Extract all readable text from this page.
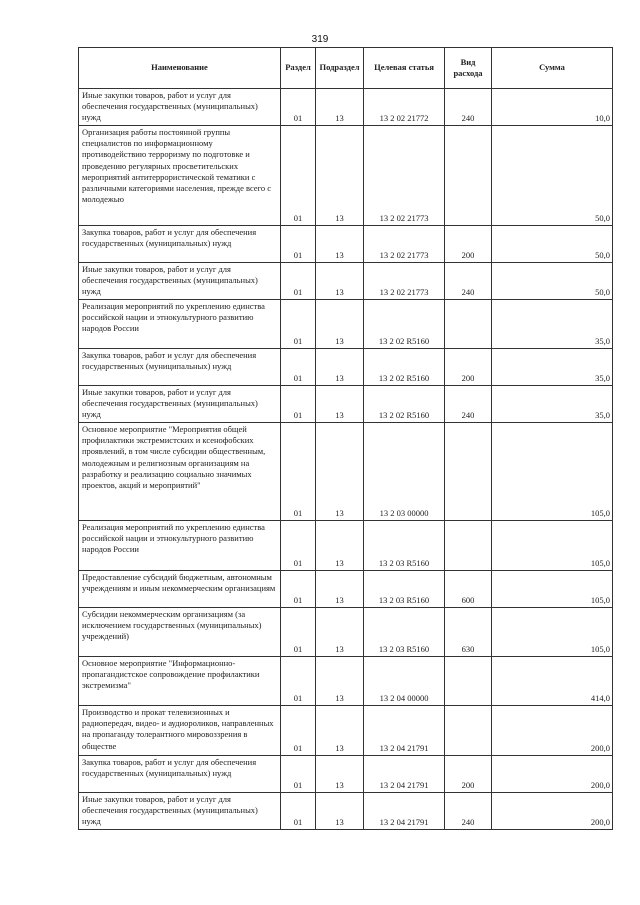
319
Наименование	Раздел	Подраздел	Целевая статья	Вид расхода	Сумма
Иные закупки товаров, работ и услуг для обеспечения государственных (муниципальных) нужд	01	13	13 2 02 21772	240	10,0
Организация работы постоянной группы специалистов по информационному противодействию терроризму по подготовке и проведению регулярных просветительских мероприятий антитеррористической тематики с различными категориями населения, прежде всего с молодежью	01	13	13 2 02 21773		50,0
Закупка товаров, работ и услуг для обеспечения государственных (муниципальных) нужд	01	13	13 2 02 21773	200	50,0
Иные закупки товаров, работ и услуг для обеспечения государственных (муниципальных) нужд	01	13	13 2 02 21773	240	50,0
Реализация мероприятий по укреплению единства российской нации и этнокультурного развитию народов России	01	13	13 2 02 R5160		35,0
Закупка товаров, работ и услуг для обеспечения государственных (муниципальных) нужд	01	13	13 2 02 R5160	200	35,0
Иные закупки товаров, работ и услуг для обеспечения государственных (муниципальных) нужд	01	13	13 2 02 R5160	240	35,0
Основное мероприятие "Мероприятия общей профилактики экстремистских и ксенофобских проявлений, в том числе субсидии общественным, молодежным и религиозным организациям на разработку и реализацию социально значимых проектов, акций и мероприятий"	01	13	13 2 03 00000		105,0
Реализация мероприятий по укреплению единства российской нации и этнокультурного развитию народов России	01	13	13 2 03 R5160		105,0
Предоставление субсидий бюджетным, автономным учреждениям и иным некоммерческим организациям	01	13	13 2 03 R5160	600	105,0
Субсидии некоммерческим организациям (за исключением государственных (муниципальных) учреждений)	01	13	13 2 03 R5160	630	105,0
Основное мероприятие "Информационно-пропагандистское сопровождение профилактики экстремизма"	01	13	13 2 04 00000		414,0
Производство и прокат телевизионных и радиопередач, видео- и аудиороликов, направленных на пропаганду толерантного мировоззрения в обществе	01	13	13 2 04 21791		200,0
Закупка товаров, работ и услуг для обеспечения государственных (муниципальных) нужд	01	13	13 2 04 21791	200	200,0
Иные закупки товаров, работ и услуг для обеспечения государственных (муниципальных) нужд	01	13	13 2 04 21791	240	200,0
